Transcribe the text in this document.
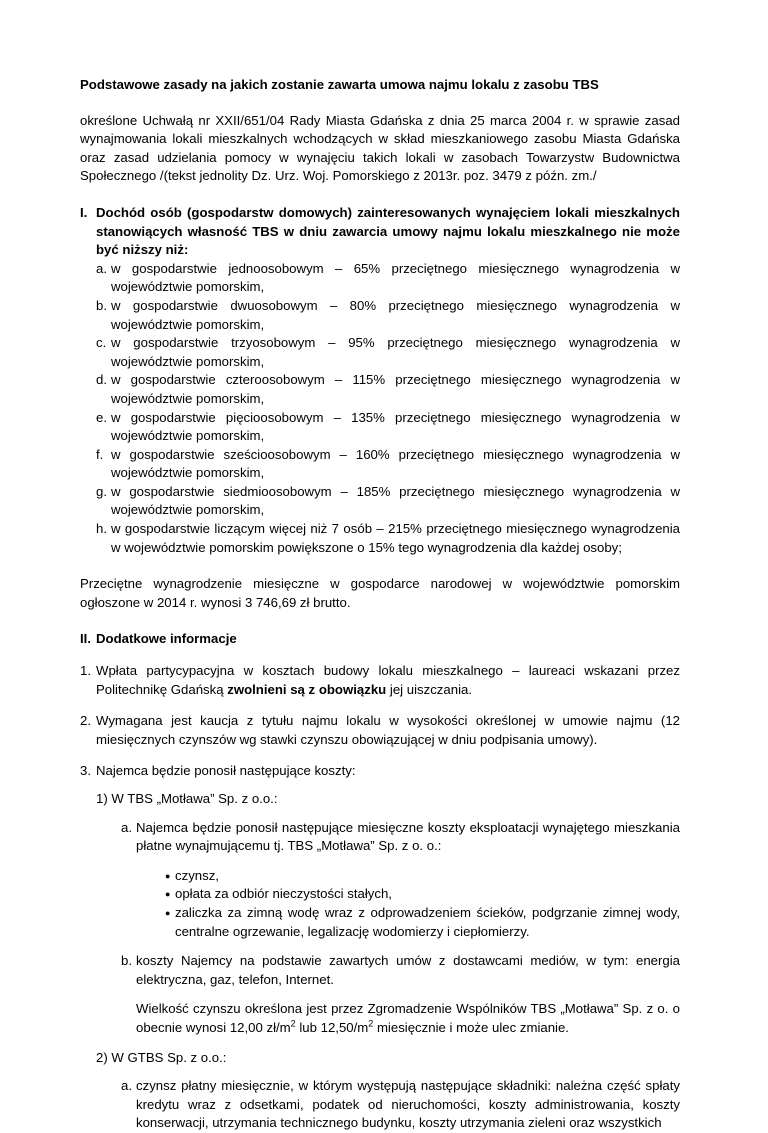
Podstawowe zasady na jakich zostanie zawarta umowa najmu lokalu z zasobu TBS

określone Uchwałą nr XXII/651/04 Rady Miasta Gdańska z dnia 25 marca 2004 r. w sprawie zasad wynajmowania lokali mieszkalnych wchodzących w skład mieszkaniowego zasobu Miasta Gdańska oraz zasad udzielania pomocy w wynajęciu takich lokali w zasobach Towarzystw Budownictwa Społecznego /(tekst jednolity Dz. Urz. Woj. Pomorskiego z 2013r. poz. 3479 z późn. zm./

I. Dochód osób (gospodarstw domowych) zainteresowanych wynajęciem lokali mieszkalnych stanowiących własność TBS w dniu zawarcia umowy najmu lokalu mieszkalnego nie może być niższy niż:

a. w gospodarstwie jednoosobowym – 65% przeciętnego miesięcznego wynagrodzenia w województwie pomorskim,
b. w gospodarstwie dwuosobowym – 80% przeciętnego miesięcznego wynagrodzenia w województwie pomorskim,
c. w gospodarstwie trzyosobowym – 95% przeciętnego miesięcznego wynagrodzenia w województwie pomorskim,
d. w gospodarstwie czteroosobowym – 115% przeciętnego miesięcznego wynagrodzenia w województwie pomorskim,
e. w gospodarstwie pięcioosobowym – 135% przeciętnego miesięcznego wynagrodzenia w województwie pomorskim,
f. w gospodarstwie sześcioosobowym – 160% przeciętnego miesięcznego wynagrodzenia w województwie pomorskim,
g. w gospodarstwie siedmioosobowym – 185% przeciętnego miesięcznego wynagrodzenia w województwie pomorskim,
h. w gospodarstwie liczącym więcej niż 7 osób – 215% przeciętnego miesięcznego wynagrodzenia w województwie pomorskim powiększone o 15% tego wynagrodzenia dla każdej osoby;

Przeciętne wynagrodzenie miesięczne w gospodarce narodowej w województwie pomorskim ogłoszone w 2014 r. wynosi 3 746,69 zł brutto.

II. Dodatkowe informacje
1. Wpłata partycypacyjna w kosztach budowy lokalu mieszkalnego – laureaci wskazani przez Politechnikę Gdańską zwolnieni są z obowiązku jej uiszczania.

2. Wymagana jest kaucja z tytułu najmu lokalu w wysokości określonej w umowie najmu (12 miesięcznych czynszów wg stawki czynszu obowiązującej w dniu podpisania umowy).

3. Najemca będzie ponosił następujące koszty:

1) W TBS „Motława” Sp. z o.o.:

a. Najemca będzie ponosił następujące miesięczne koszty eksploatacji wynajętego mieszkania płatne wynajmującemu tj. TBS „Motława” Sp. z o. o.:

● czynsz,
● opłata za odbiór nieczystości stałych,
● zaliczka za zimną wodę wraz z odprowadzeniem ścieków, podgrzanie zimnej wody, centralne ogrzewanie, legalizację wodomierzy i ciepłomierzy.
b. koszty Najemcy na podstawie zawartych umów z dostawcami mediów, w tym: energia elektryczna, gaz, telefon, Internet.

Wielkość czynszu określona jest przez Zgromadzenie Wspólników TBS „Motława” Sp. z o. o obecnie wynosi 12,00 $zł/m^2$ lub $12,50/m^2$ miesięcznie i może ulec zmianie.

2) W GTBS Sp. z o.o.:

a. czynsz płatny miesięcznie, w którym występują następujące składniki: należna część spłaty kredytu wraz z odsetkami, podatek od nieruchomości, koszty administrowania, koszty konserwacji, utrzymania technicznego budynku, koszty utrzymania zieleni oraz wszystkich
